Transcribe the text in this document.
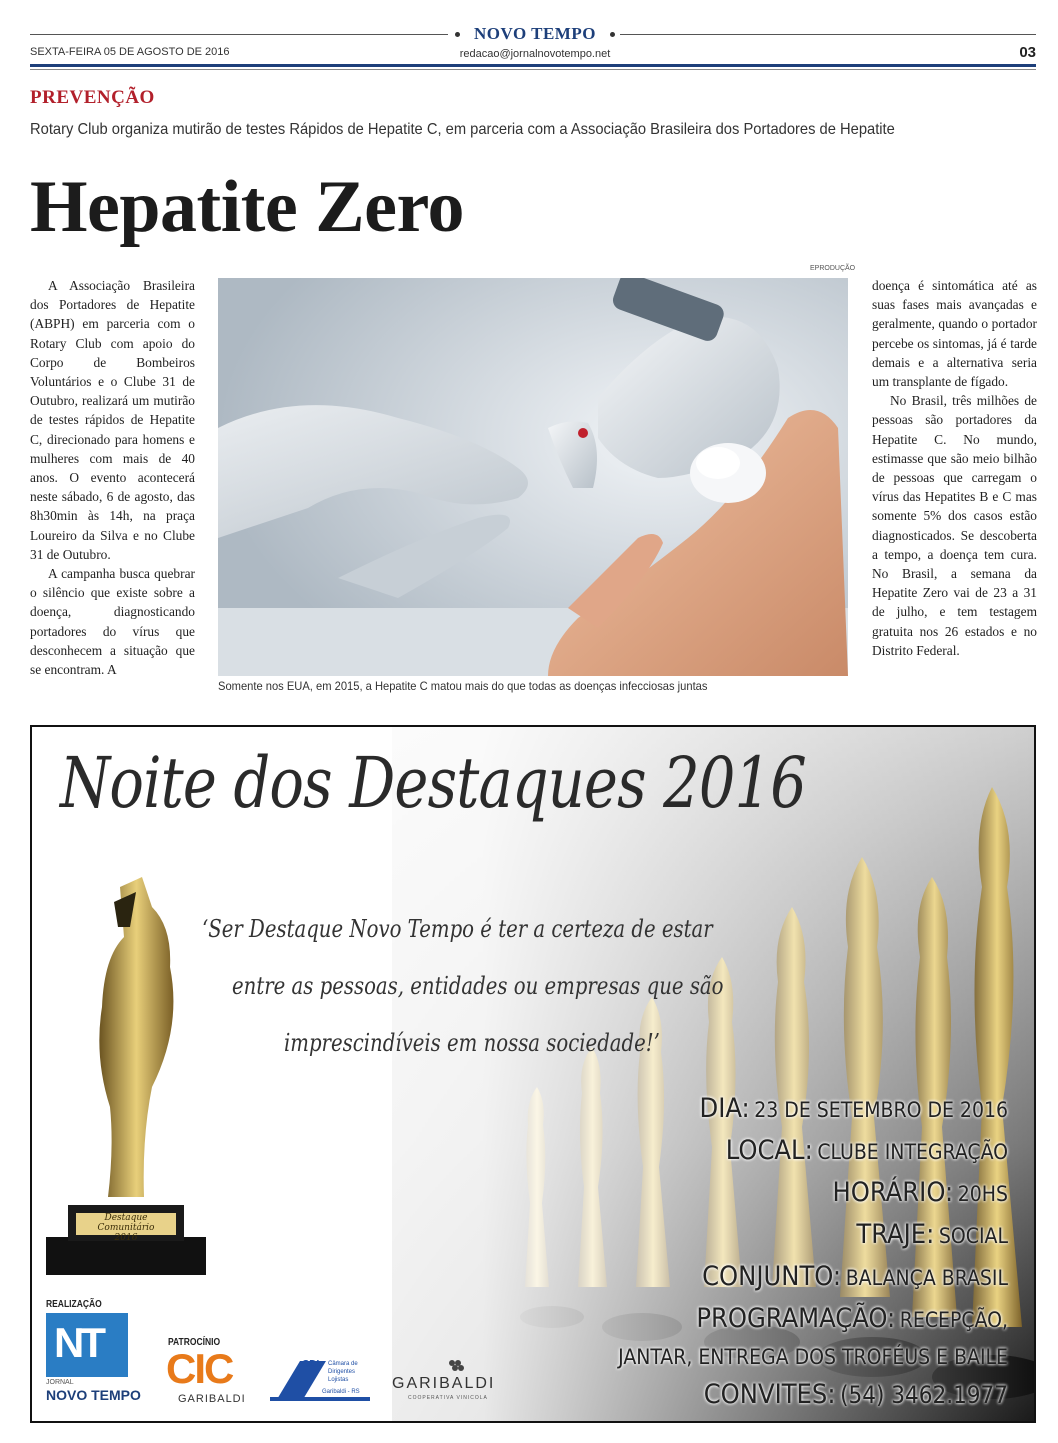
NOVO TEMPO
SEXTA-FEIRA 05 DE AGOSTO DE 2016	redacao@jornalnovotempo.net	03
PREVENÇÃO
Rotary Club organiza mutirão de testes Rápidos de Hepatite C, em parceria com a Associação Brasileira dos Portadores de Hepatite
Hepatite Zero

A Associação Brasileira dos Portadores de Hepatite (ABPH) em parceria com o Rotary Club com apoio do Corpo de Bombeiros Voluntários e o Clube 31 de Outubro, realizará um mutirão de testes rápidos de Hepatite C, direcionado para homens e mulheres com mais de 40 anos. O evento acontecerá neste sábado, 6 de agosto, das 8h30min às 14h, na praça Loureiro da Silva e no Clube 31 de Outubro.

A campanha busca quebrar o silêncio que existe sobre a doença, diagnosticando portadores do vírus que desconhecem a situação que se encontram. A

EPRODUÇÃO
Somente nos EUA, em 2015, a Hepatite C matou mais do que todas as doenças infecciosas juntas

doença é sintomática até as suas fases mais avançadas e geralmente, quando o portador percebe os sintomas, já é tarde demais e a alternativa seria um transplante de fígado.

No Brasil, três milhões de pessoas são portadores da Hepatite C. No mundo, estimasse que são meio bilhão de pessoas que carregam o vírus das Hepatites B e C mas somente 5% dos casos estão diagnosticados. Se descoberta a tempo, a doença tem cura. No Brasil, a semana da Hepatite Zero vai de 23 a 31 de julho, e tem testagem gratuita nos 26 estados e no Distrito Federal.

Noite dos Destaques 2016
‘Ser Destaque Novo Tempo é ter a certeza de estar
entre as pessoas, entidades ou empresas que são
imprescindíveis em nossa sociedade!’
Destaque Comunitário
2016
DIA: 23 DE SETEMBRO DE 2016
LOCAL: CLUBE INTEGRAÇÃO
HORÁRIO: 20HS
TRAJE: SOCIAL
CONJUNTO: BALANÇA BRASIL
PROGRAMAÇÃO: RECEPÇÃO,
JANTAR, ENTREGA DOS TROFÉUS E BAILE
CONVITES: (54) 3462.1977
REALIZAÇÃO
NT
JORNAL
NOVO TEMPO
PATROCÍNIO
CIC
GARIBALDI
CDL Câmara de
Dirigentes
Lojistas
Garibaldi - RS GARIBALDI
COOPERATIVA VINICOLA
